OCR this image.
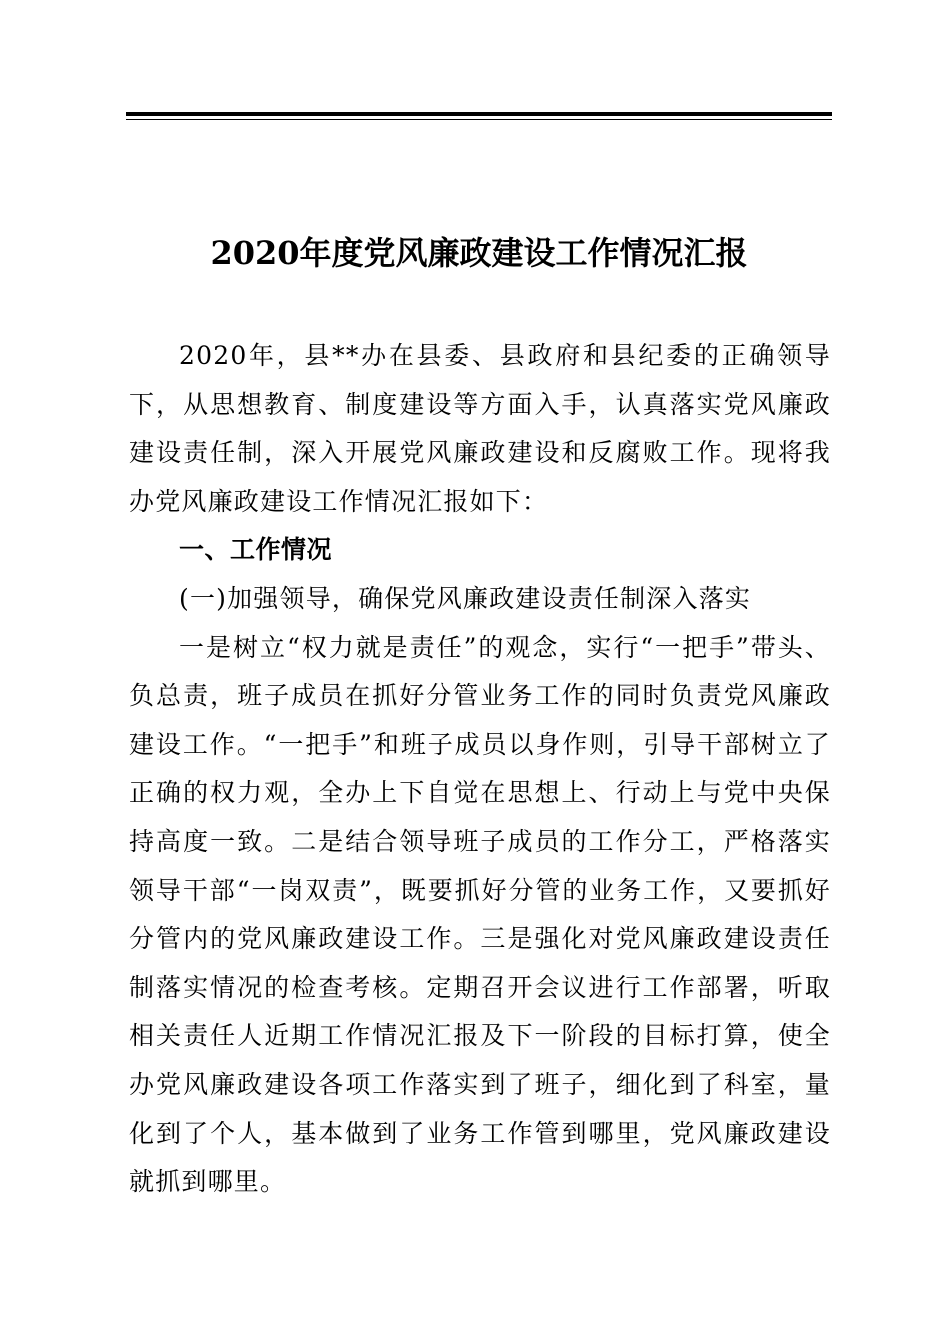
2020年度党风廉政建设工作情况汇报

2020年，县**办在县委、县政府和县纪委的正确领导下，从思想教育、制度建设等方面入手，认真落实党风廉政建设责任制，深入开展党风廉政建设和反腐败工作。现将我办党风廉政建设工作情况汇报如下：

一、工作情况

(一)加强领导，确保党风廉政建设责任制深入落实

一是树立“权力就是责任”的观念，实行“一把手”带头、负总责，班子成员在抓好分管业务工作的同时负责党风廉政建设工作。“一把手”和班子成员以身作则，引导干部树立了正确的权力观，全办上下自觉在思想上、行动上与党中央保持高度一致。二是结合领导班子成员的工作分工，严格落实领导干部“一岗双责”，既要抓好分管的业务工作，又要抓好分管内的党风廉政建设工作。三是强化对党风廉政建设责任制落实情况的检查考核。定期召开会议进行工作部署，听取相关责任人近期工作情况汇报及下一阶段的目标打算，使全办党风廉政建设各项工作落实到了班子，细化到了科室，量化到了个人，基本做到了业务工作管到哪里，党风廉政建设就抓到哪里。
